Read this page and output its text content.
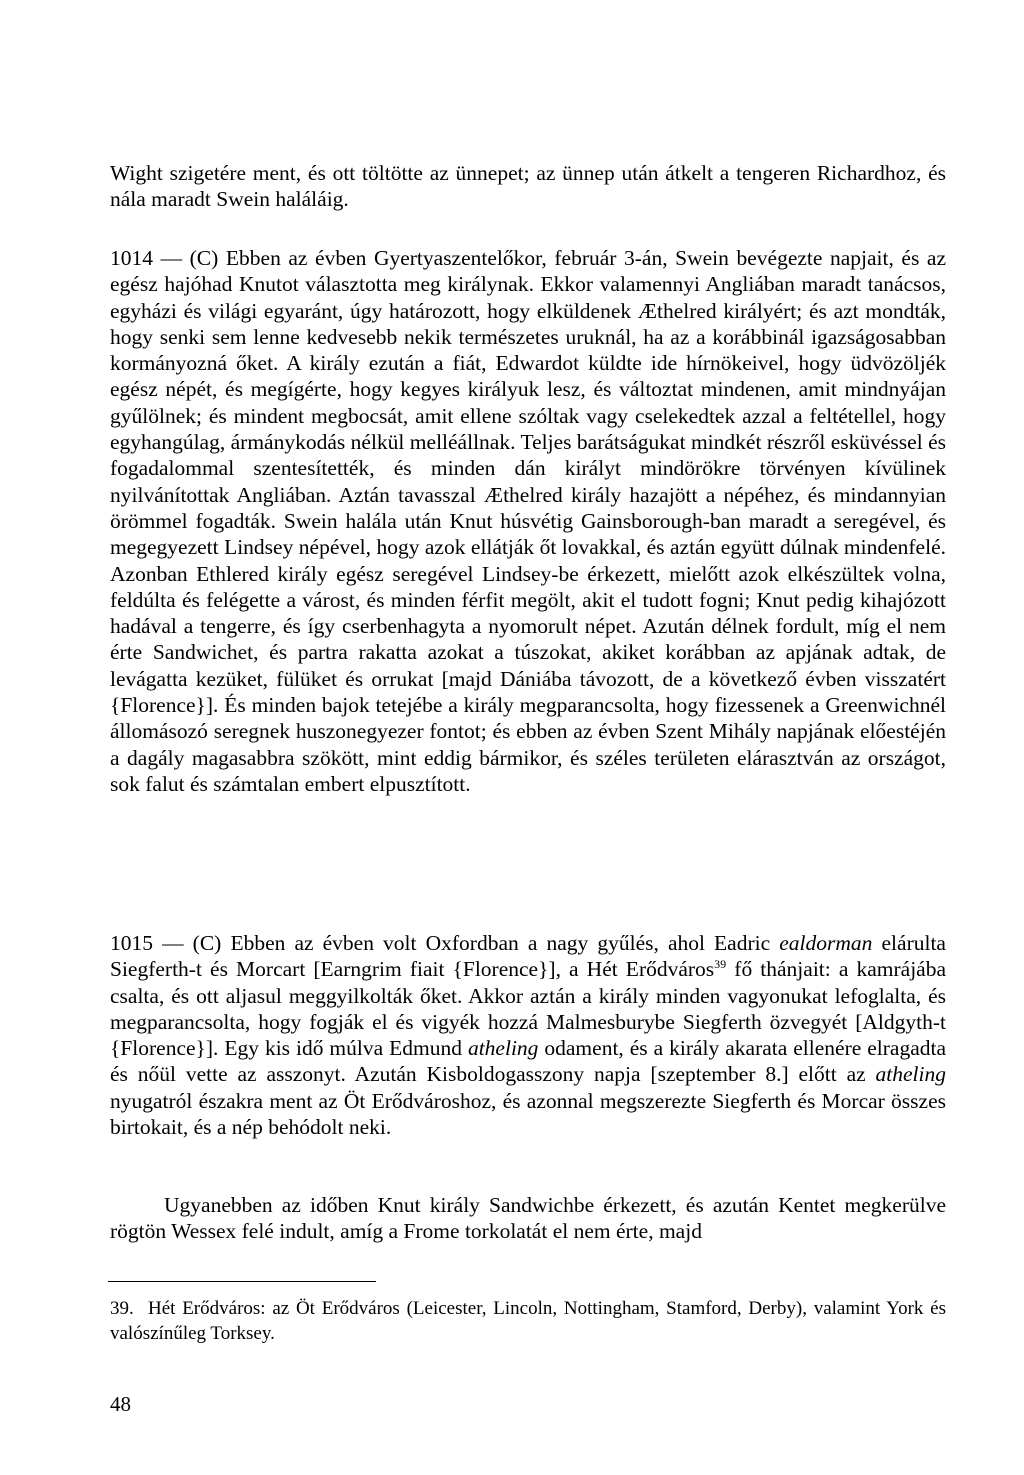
Wight szigetére ment, és ott töltötte az ünnepet; az ünnep után átkelt a tengeren Richardhoz, és nála maradt Swein haláláig.

1014 — (C) Ebben az évben Gyertyaszentelőkor, február 3-án, Swein bevégezte napjait, és az egész hajóhad Knutot választotta meg királynak. Ekkor valamennyi Angliában maradt tanácsos, egyházi és világi egyaránt, úgy határozott, hogy elküldenek Æthelred királyért; és azt mondták, hogy senki sem lenne kedvesebb nekik természetes uruknál, ha az a korábbinál igazságosabban kormányozná őket. A király ezután a fiát, Edwardot küldte ide hírnökeivel, hogy üdvözöljék egész népét, és megígérte, hogy kegyes királyuk lesz, és változtat mindenen, amit mindnyájan gyűlölnek; és mindent megbocsát, amit ellene szóltak vagy cselekedtek azzal a feltétellel, hogy egyhangúlag, ármánykodás nélkül melléállnak. Teljes barátságukat mindkét részről esküvéssel és fogadalommal szentesítették, és minden dán királyt mindörökre törvényen kívülinek nyilvánítottak Angliában. Aztán tavasszal Æthelred király hazajött a népéhez, és mindannyian örömmel fogadták. Swein halála után Knut húsvétig Gainsborough-ban maradt a seregével, és megegyezett Lindsey népével, hogy azok ellátják őt lovakkal, és aztán együtt dúlnak mindenfelé. Azonban Ethlered király egész seregével Lindsey-be érkezett, mielőtt azok elkészültek volna, feldúlta és felégette a várost, és minden férfit megölt, akit el tudott fogni; Knut pedig kihajózott hadával a tengerre, és így cserbenhagyta a nyomorult népet. Azután délnek fordult, míg el nem érte Sandwichet, és partra rakatta azokat a túszokat, akiket korábban az apjának adtak, de levágatta kezüket, fülüket és orrukat [majd Dániába távozott, de a következő évben visszatért {Florence}]. És minden bajok tetejébe a király megparancsolta, hogy fizessenek a Greenwichnél állomásozó seregnek huszonegyezer fontot; és ebben az évben Szent Mihály napjának előestéjén a dagály magasabbra szökött, mint eddig bármikor, és széles területen elárasztván az országot, sok falut és számtalan embert elpusztított.

1015 — (C) Ebben az évben volt Oxfordban a nagy gyűlés, ahol Eadric ealdorman elárulta Siegferth-t és Morcart [Earngrim fiait {Florence}], a Hét Erődváros$^{39}$ fő thánjait: a kamrájába csalta, és ott aljasul meggyilkolták őket. Akkor aztán a király minden vagyonukat lefoglalta, és megparancsolta, hogy fogják el és vigyék hozzá Malmesburybe Siegferth özvegyét [Aldgyth-t {Florence}]. Egy kis idő múlva Edmund atheling odament, és a király akarata ellenére elragadta és nőül vette az asszonyt. Azután Kisboldogasszony napja [szeptember 8.] előtt az atheling nyugatról északra ment az Öt Erődvároshoz, és azonnal megszerezte Siegferth és Morcar összes birtokait, és a nép behódolt neki.

Ugyanebben az időben Knut király Sandwichbe érkezett, és azután Kentet megkerülve rögtön Wessex felé indult, amíg a Frome torkolatát el nem érte, majd

39. Hét Erődváros: az Öt Erődváros (Leicester, Lincoln, Nottingham, Stamford, Derby), valamint York és valószínűleg Torksey.

48
